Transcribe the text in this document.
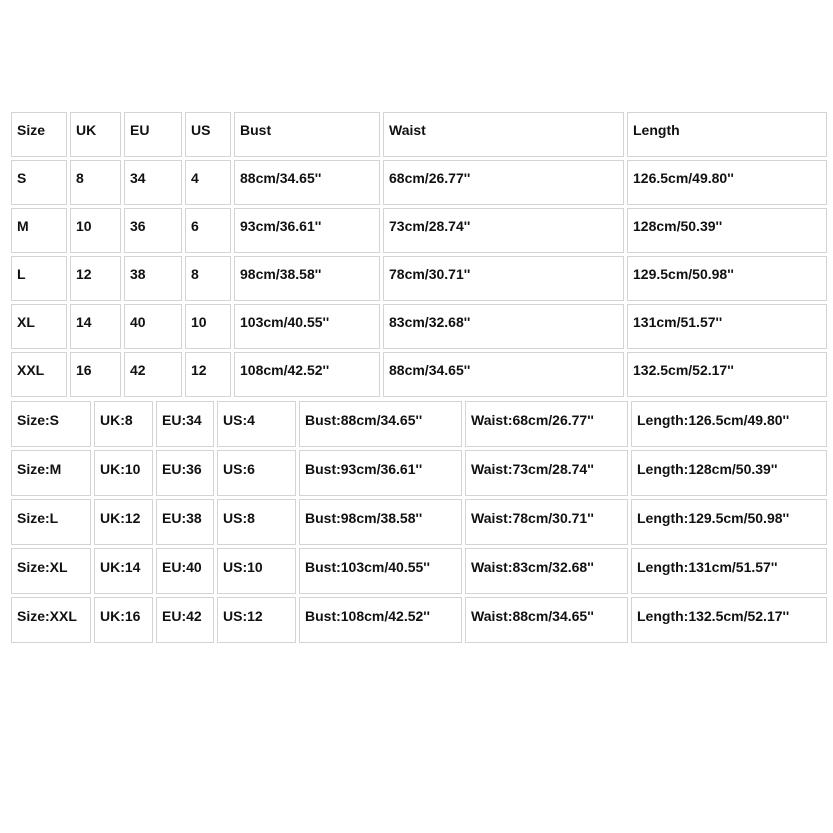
Size	UK	EU	US	Bust	Waist	Length
S	8	34	4	88cm/34.65''	68cm/26.77''	126.5cm/49.80''
M	10	36	6	93cm/36.61''	73cm/28.74''	128cm/50.39''
L	12	38	8	98cm/38.58''	78cm/30.71''	129.5cm/50.98''
XL	14	40	10	103cm/40.55''	83cm/32.68''	131cm/51.57''
XXL	16	42	12	108cm/42.52''	88cm/34.65''	132.5cm/52.17''
Size:S	UK:8	EU:34	US:4	Bust:88cm/34.65''	Waist:68cm/26.77''	Length:126.5cm/49.80''
Size:M	UK:10	EU:36	US:6	Bust:93cm/36.61''	Waist:73cm/28.74''	Length:128cm/50.39''
Size:L	UK:12	EU:38	US:8	Bust:98cm/38.58''	Waist:78cm/30.71''	Length:129.5cm/50.98''
Size:XL	UK:14	EU:40	US:10	Bust:103cm/40.55''	Waist:83cm/32.68''	Length:131cm/51.57''
Size:XXL	UK:16	EU:42	US:12	Bust:108cm/42.52''	Waist:88cm/34.65''	Length:132.5cm/52.17''
